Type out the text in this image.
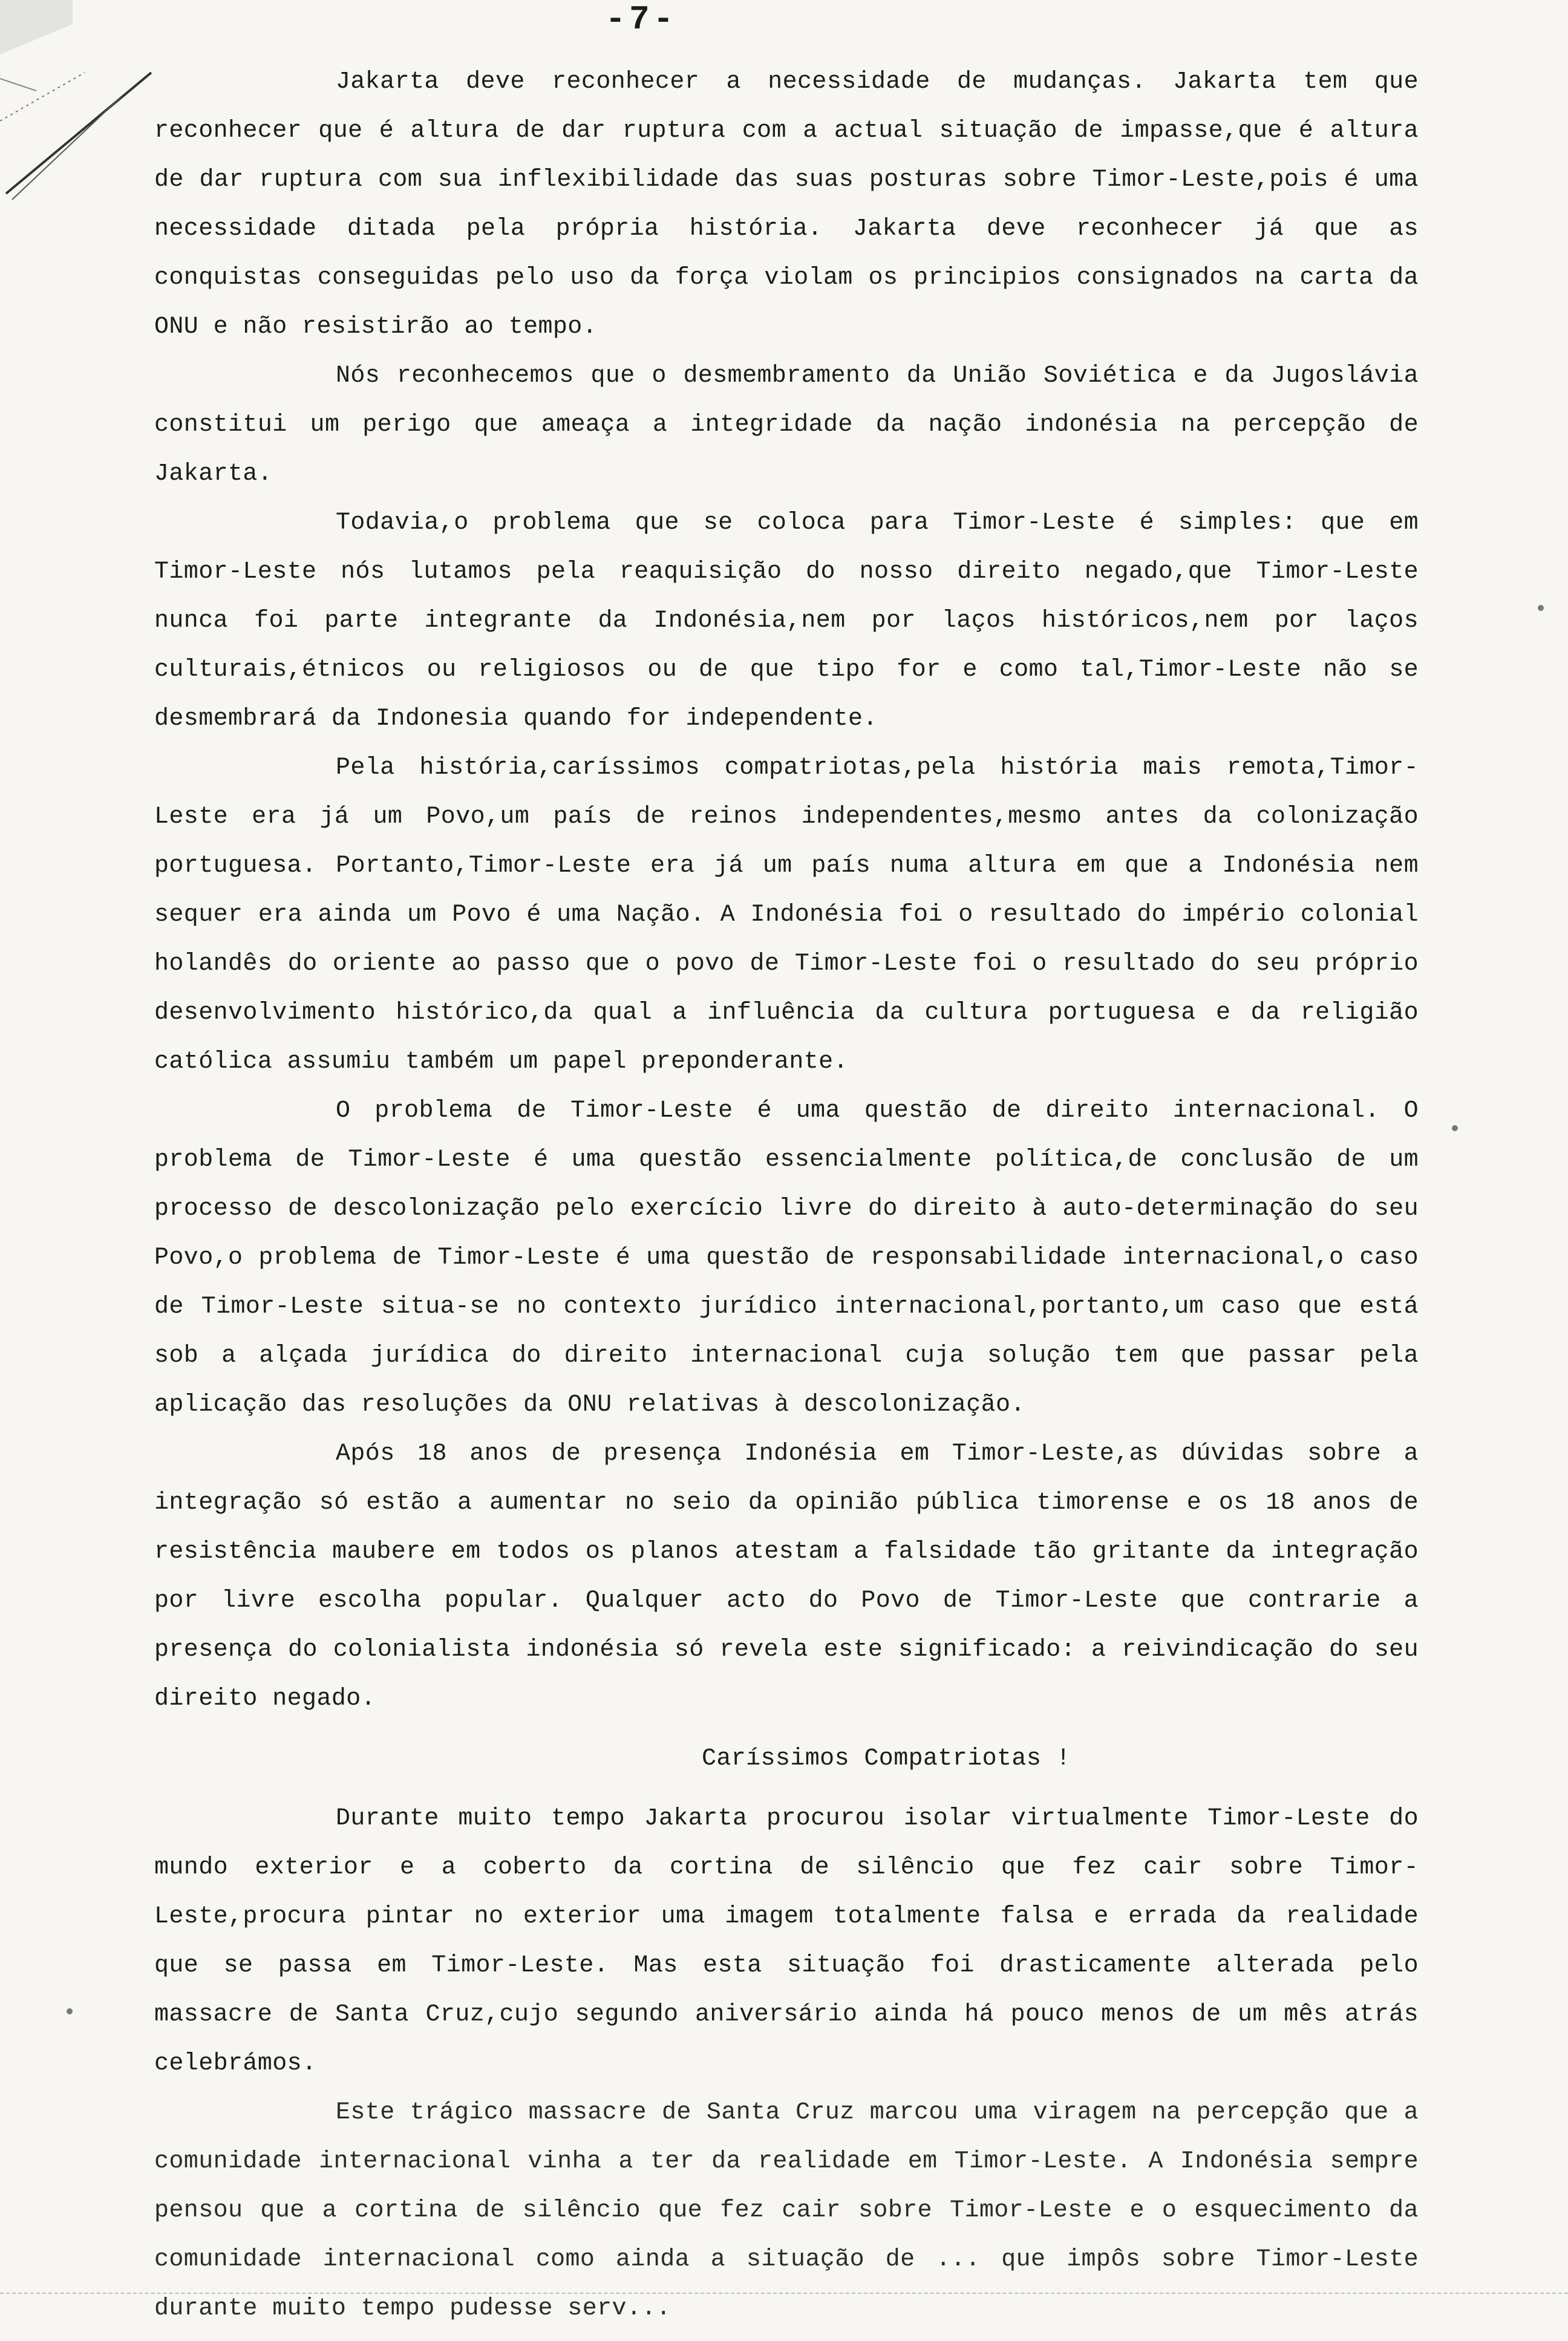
-7-

Jakarta deve reconhecer a necessidade de mudanças. Jakarta tem que reconhecer que é altura de dar ruptura com a actual situação de impasse,que é altura de dar ruptura com sua inflexibilidade das suas posturas sobre Timor-Leste,pois é uma necessidade ditada pela própria história. Jakarta deve reconhecer já que as conquistas conseguidas pelo uso da força violam os principios consignados na carta da ONU e não resistirão ao tempo.

Nós reconhecemos que o desmembramento da União Soviética e da Jugoslávia constitui um perigo que ameaça a integridade da nação indonésia na percepção de Jakarta.

Todavia,o problema que se coloca para Timor-Leste é simples: que em Timor-Leste nós lutamos pela reaquisição do nosso direito negado,que Timor-Leste nunca foi parte integrante da Indonésia,nem por laços históricos,nem por laços culturais,étnicos ou religiosos ou de que tipo for e como tal,Timor-Leste não se desmembrará da Indonesia quando for independente.

Pela história,caríssimos compatriotas,pela história mais remota,Timor-Leste era já um Povo,um país de reinos independentes,mesmo antes da colonização portuguesa. Portanto,Timor-Leste era já um país numa altura em que a Indonésia nem sequer era ainda um Povo é uma Nação. A Indonésia foi o resultado do império colonial holandês do oriente ao passo que o povo de Timor-Leste foi o resultado do seu próprio desenvolvimento histórico,da qual a influência da cultura portuguesa e da religião católica assumiu também um papel preponderante.

O problema de Timor-Leste é uma questão de direito internacional. O problema de Timor-Leste é uma questão essencialmente política,de conclusão de um processo de descolonização pelo exercício livre do direito à auto-determinação do seu Povo,o problema de Timor-Leste é uma questão de responsabilidade internacional,o caso de Timor-Leste situa-se no contexto jurídico internacional,portanto,um caso que está sob a alçada jurídica do direito internacional cuja solução tem que passar pela aplicação das resoluções da ONU relativas à descolonização.

Após 18 anos de presença Indonésia em Timor-Leste,as dúvidas sobre a integração só estão a aumentar no seio da opinião pública timorense e os 18 anos de resistência maubere em todos os planos atestam a falsidade tão gritante da integração por livre escolha popular. Qualquer acto do Povo de Timor-Leste que contrarie a presença do colonialista indonésia só revela este significado: a reivindicação do seu direito negado.

Caríssimos Compatriotas !

Durante muito tempo Jakarta procurou isolar virtualmente Timor-Leste do mundo exterior e a coberto da cortina de silêncio que fez cair sobre Timor-Leste,procura pintar no exterior uma imagem totalmente falsa e errada da realidade que se passa em Timor-Leste. Mas esta situação foi drasticamente alterada pelo massacre de Santa Cruz,cujo segundo aniversário ainda há pouco menos de um mês atrás celebrámos.

Este trágico massacre de Santa Cruz marcou uma viragem na percepção que a comunidade internacional vinha a ter da realidade em Timor-Leste. A Indonésia sempre pensou que a cortina de silêncio que fez cair sobre Timor-Leste e o esquecimento da comunidade internacional como ainda a situação de ... que impôs sobre Timor-Leste durante muito tempo pudesse serv...
